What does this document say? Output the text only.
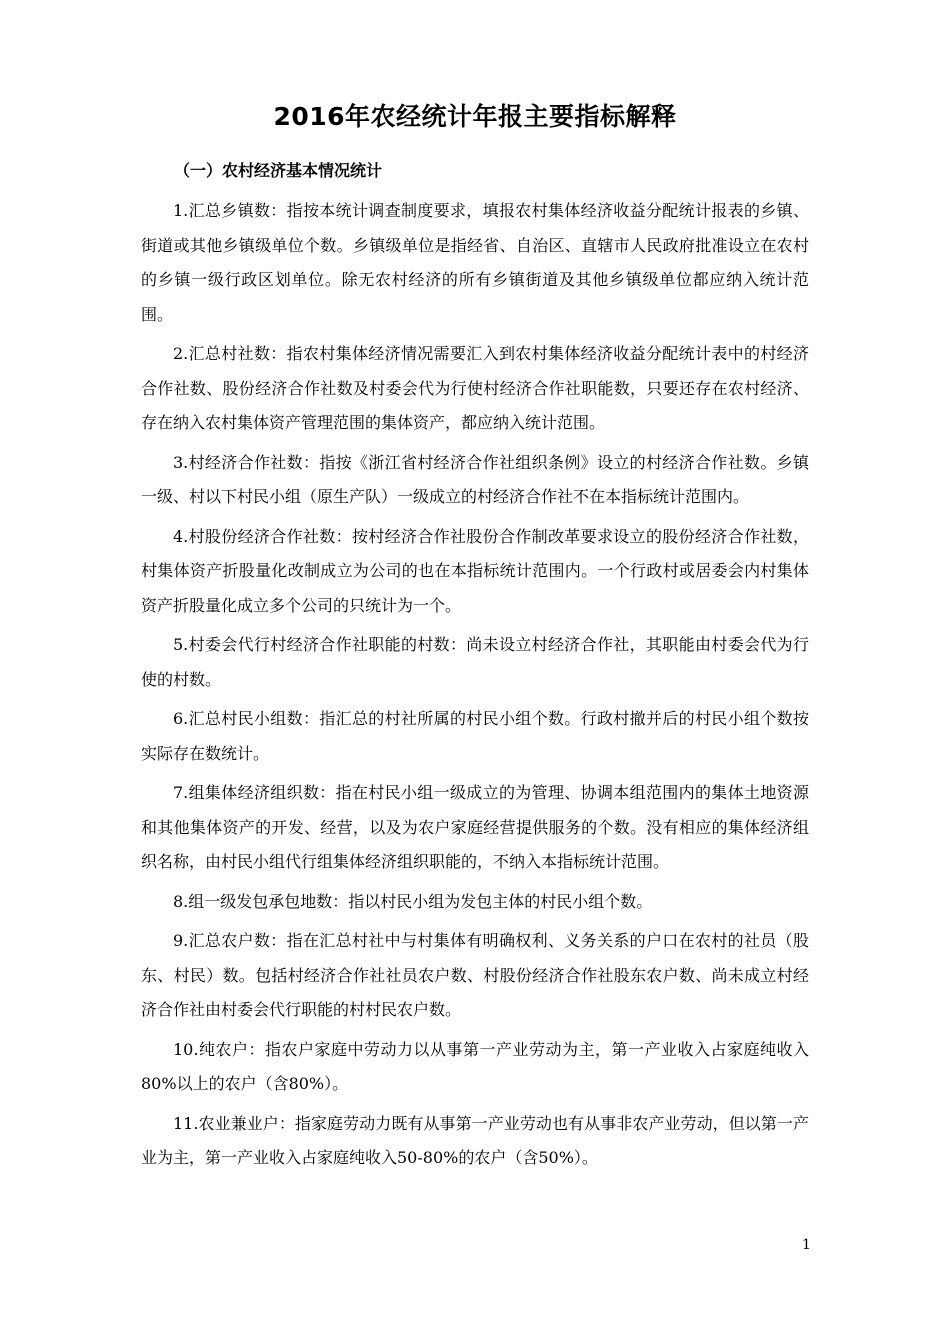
2016年农经统计年报主要指标解释
（一）农村经济基本情况统计

1.汇总乡镇数：指按本统计调查制度要求，填报农村集体经济收益分配统计报表的乡镇、街道或其他乡镇级单位个数。乡镇级单位是指经省、自治区、直辖市人民政府批准设立在农村的乡镇一级行政区划单位。除无农村经济的所有乡镇街道及其他乡镇级单位都应纳入统计范围。

2.汇总村社数：指农村集体经济情况需要汇入到农村集体经济收益分配统计表中的村经济合作社数、股份经济合作社数及村委会代为行使村经济合作社职能数，只要还存在农村经济、存在纳入农村集体资产管理范围的集体资产，都应纳入统计范围。

3.村经济合作社数：指按《浙江省村经济合作社组织条例》设立的村经济合作社数。乡镇一级、村以下村民小组（原生产队）一级成立的村经济合作社不在本指标统计范围内。

4.村股份经济合作社数：按村经济合作社股份合作制改革要求设立的股份经济合作社数，村集体资产折股量化改制成立为公司的也在本指标统计范围内。一个行政村或居委会内村集体资产折股量化成立多个公司的只统计为一个。

5.村委会代行村经济合作社职能的村数：尚未设立村经济合作社，其职能由村委会代为行使的村数。

6.汇总村民小组数：指汇总的村社所属的村民小组个数。行政村撤并后的村民小组个数按实际存在数统计。

7.组集体经济组织数：指在村民小组一级成立的为管理、协调本组范围内的集体土地资源和其他集体资产的开发、经营，以及为农户家庭经营提供服务的个数。没有相应的集体经济组织名称，由村民小组代行组集体经济组织职能的，不纳入本指标统计范围。

8.组一级发包承包地数：指以村民小组为发包主体的村民小组个数。

9.汇总农户数：指在汇总村社中与村集体有明确权利、义务关系的户口在农村的社员（股东、村民）数。包括村经济合作社社员农户数、村股份经济合作社股东农户数、尚未成立村经济合作社由村委会代行职能的村村民农户数。

10.纯农户：指农户家庭中劳动力以从事第一产业劳动为主，第一产业收入占家庭纯收入80%以上的农户（含80%）。

11.农业兼业户：指家庭劳动力既有从事第一产业劳动也有从事非农产业劳动，但以第一产业为主，第一产业收入占家庭纯收入50-80%的农户（含50%）。

1
